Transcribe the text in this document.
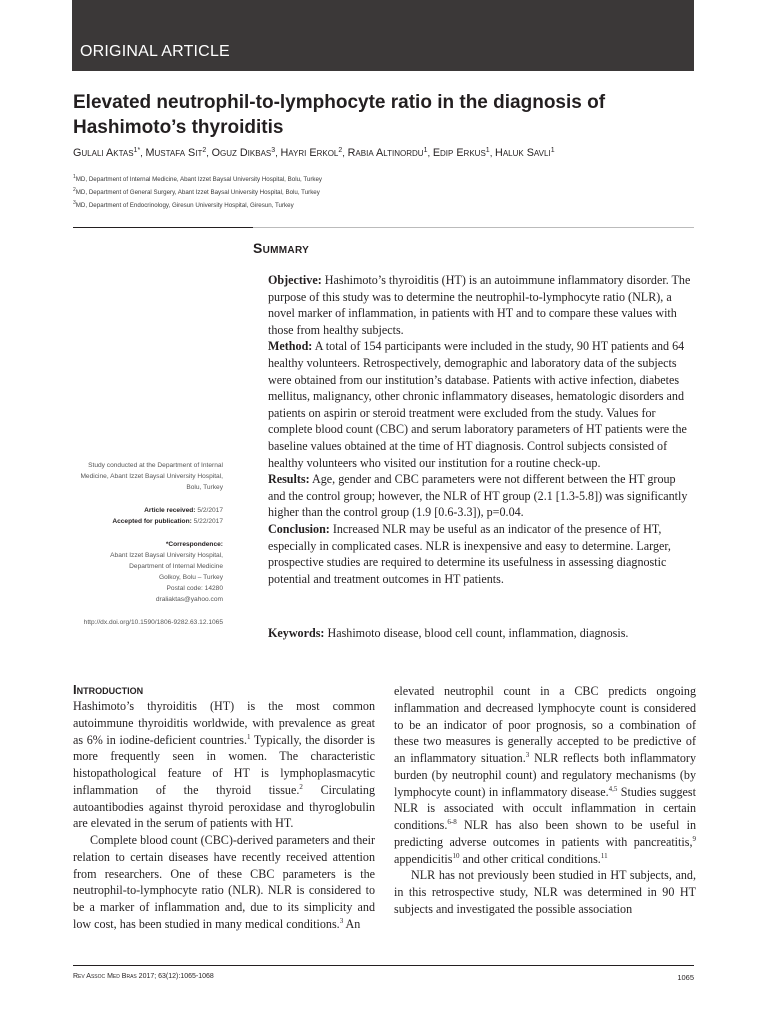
ORIGINAL ARTICLE
Elevated neutrophil-to-lymphocyte ratio in the diagnosis of Hashimoto’s thyroiditis
Gulali Aktas$^{1*}$, Mustafa Sit$^2$, Oguz Dikbas$^3$, Hayri Erkol$^2$, Rabia Altinordu$^1$, Edip Erkus$^1$, Haluk Savli$^1$
$^1$MD, Department of Internal Medicine, Abant Izzet Baysal University Hospital, Bolu, Turkey
$^2$MD, Department of General Surgery, Abant Izzet Baysal University Hospital, Bolu, Turkey
$^3$MD, Department of Endocrinology, Giresun University Hospital, Giresun, Turkey
Study conducted at the Department of Internal Medicine, Abant Izzet Baysal University Hospital, Bolu, Turkey
Article received: 5/2/2017
Accepted for publication: 5/22/2017
*Correspondence:
Abant Izzet Baysal University Hospital,
Department of Internal Medicine
Golkoy, Bolu – Turkey
Postal code: 14280
draliaktas@yahoo.com
http://dx.doi.org/10.1590/1806-9282.63.12.1065
Summary

Objective: Hashimoto’s thyroiditis (HT) is an autoimmune inflammatory disorder. The purpose of this study was to determine the neutrophil-to-lymphocyte ratio (NLR), a novel marker of inflammation, in patients with HT and to compare these values with those from healthy subjects.

Method: A total of 154 participants were included in the study, 90 HT patients and 64 healthy volunteers. Retrospectively, demographic and laboratory data of the subjects were obtained from our institution’s database. Patients with active infection, diabetes mellitus, malignancy, other chronic inflammatory diseases, hematologic disorders and patients on aspirin or steroid treatment were excluded from the study. Values for complete blood count (CBC) and serum laboratory parameters of HT patients were the baseline values obtained at the time of HT diagnosis. Control subjects consisted of healthy volunteers who visited our institution for a routine check-up.

Results: Age, gender and CBC parameters were not different between the HT group and the control group; however, the NLR of HT group (2.1 [1.3-5.8]) was significantly higher than the control group (1.9 [0.6-3.3]), p=0.04.

Conclusion: Increased NLR may be useful as an indicator of the presence of HT, especially in complicated cases. NLR is inexpensive and easy to determine. Larger, prospective studies are required to determine its usefulness in assessing diagnostic potential and treatment outcomes in HT patients.

Keywords: Hashimoto disease, blood cell count, inflammation, diagnosis.
Introduction

Hashimoto’s thyroiditis (HT) is the most common autoimmune thyroiditis worldwide, with prevalence as great as 6% in iodine-deficient countries.$^1$ Typically, the disorder is more frequently seen in women. The characteristic histopathological feature of HT is lymphoplasmacytic inflammation of the thyroid tissue.$^2$ Circulating autoantibodies against thyroid peroxidase and thyroglobulin are elevated in the serum of patients with HT.

Complete blood count (CBC)-derived parameters and their relation to certain diseases have recently received attention from researchers. One of these CBC parameters is the neutrophil-to-lymphocyte ratio (NLR). NLR is considered to be a marker of inflammation and, due to its simplicity and low cost, has been studied in many medical conditions.$^3$ An

elevated neutrophil count in a CBC predicts ongoing inflammation and decreased lymphocyte count is considered to be an indicator of poor prognosis, so a combination of these two measures is generally accepted to be predictive of an inflammatory situation.$^3$ NLR reflects both inflammatory burden (by neutrophil count) and regulatory mechanisms (by lymphocyte count) in inflammatory disease.$^{4,5}$ Studies suggest NLR is associated with occult inflammation in certain conditions.$^{6-8}$ NLR has also been shown to be useful in predicting adverse outcomes in patients with pancreatitis,$^9$ appendicitis$^{10}$ and other critical conditions.$^{11}$

NLR has not previously been studied in HT subjects, and, in this retrospective study, NLR was determined in 90 HT subjects and investigated the possible association

Rev Assoc Med Bras 2017; 63(12):1065-1068	1065
